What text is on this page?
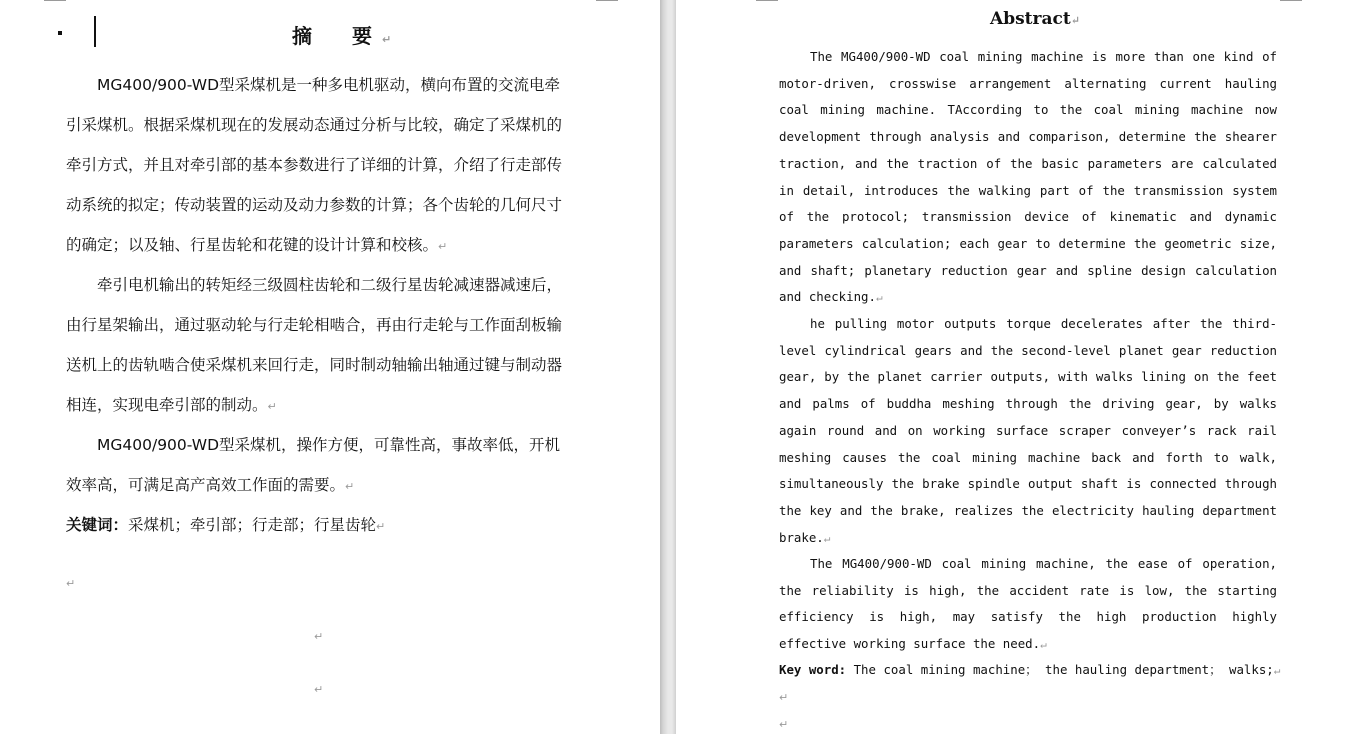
摘　要↵

MG400/900-WD型采煤机是一种多电机驱动，横向布置的交流电牵引采煤机。根据采煤机现在的发展动态通过分析与比较，确定了采煤机的牵引方式，并且对牵引部的基本参数进行了详细的计算，介绍了行走部传动系统的拟定；传动装置的运动及动力参数的计算；各个齿轮的几何尺寸的确定；以及轴、行星齿轮和花键的设计计算和校核。↵

牵引电机输出的转矩经三级圆柱齿轮和二级行星齿轮减速器减速后，由行星架输出，通过驱动轮与行走轮相啮合，再由行走轮与工作面刮板输送机上的齿轨啮合使采煤机来回行走，同时制动轴输出轴通过键与制动器相连，实现电牵引部的制动。↵

MG400/900-WD型采煤机，操作方便，可靠性高，事故率低，开机效率高，可满足高产高效工作面的需要。↵

关键词：采煤机；牵引部；行走部；行星齿轮↵
↵
↵
↵
Abstract↵

The MG400/900-WD coal mining machine is more than one kind of motor-driven, crosswise arrangement alternating current hauling coal mining machine. TAccording to the coal mining machine now development through analysis and comparison, determine the shearer traction, and the traction of the basic parameters are calculated in detail, introduces the walking part of the transmission system of the protocol; transmission device of kinematic and dynamic parameters calculation; each gear to determine the geometric size, and shaft; planetary reduction gear and spline design calculation and checking.↵

he pulling motor outputs torque decelerates after the third-level cylindrical gears and the second-level planet gear reduction gear, by the planet carrier outputs, with walks lining on the feet and palms of buddha meshing through the driving gear, by walks again round and on working surface scraper conveyer’s rack rail meshing causes the coal mining machine back and forth to walk, simultaneously the brake spindle output shaft is connected through the key and the brake, realizes the electricity hauling department brake.↵

The MG400/900-WD coal mining machine, the ease of operation, the reliability is high, the accident rate is low, the starting efficiency is high, may satisfy the high production highly effective working surface the need.↵

Key word: The coal mining machine； the hauling department； walks;↵
↵
↵
